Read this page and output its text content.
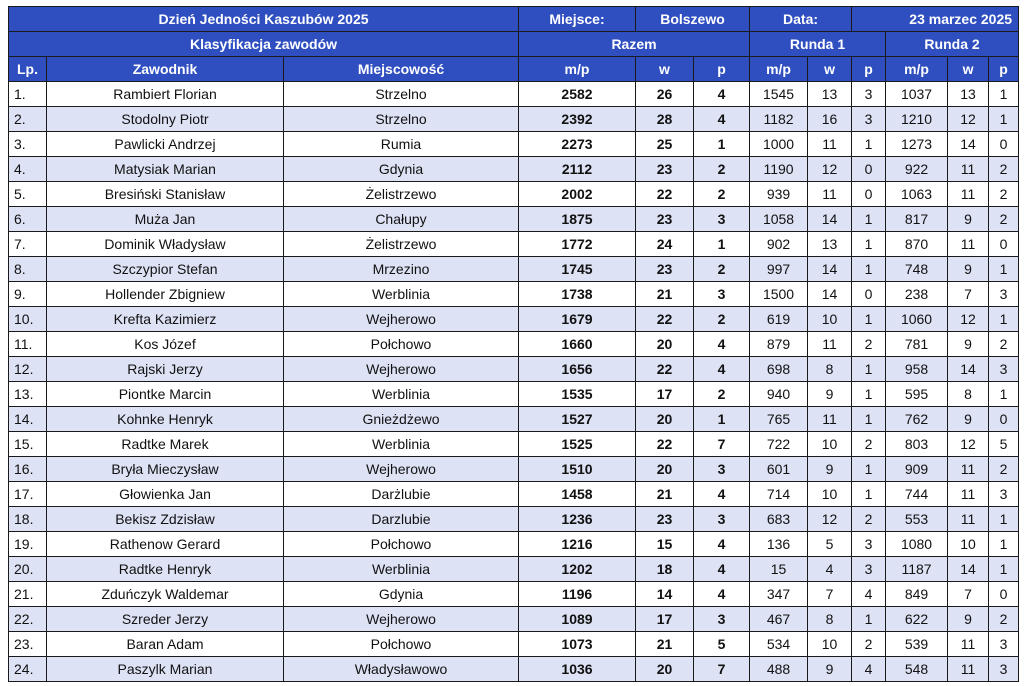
Dzień Jedności Kaszubów 2025			Miejsce:	Bolszewo		Data:		23 marzec 2025			
Klasyfikacja zawodów			Razem			Runda 1			Runda 2		
Lp.	Zawodnik	Miejscowość	m/p	w	p	m/p	w	p	m/p	w	p
1.	Rambiert Florian	Strzelno	2582	26	4	1545	13	3	1037	13	1
2.	Stodolny Piotr	Strzelno	2392	28	4	1182	16	3	1210	12	1
3.	Pawlicki Andrzej	Rumia	2273	25	1	1000	11	1	1273	14	0
4.	Matysiak Marian	Gdynia	2112	23	2	1190	12	0	922	11	2
5.	Bresiński Stanisław	Żelistrzewo	2002	22	2	939	11	0	1063	11	2
6.	Muża Jan	Chałupy	1875	23	3	1058	14	1	817	9	2
7.	Dominik Władysław	Żelistrzewo	1772	24	1	902	13	1	870	11	0
8.	Szczypior Stefan	Mrzezino	1745	23	2	997	14	1	748	9	1
9.	Hollender Zbigniew	Werblinia	1738	21	3	1500	14	0	238	7	3
10.	Krefta Kazimierz	Wejherowo	1679	22	2	619	10	1	1060	12	1
11.	Kos Józef	Połchowo	1660	20	4	879	11	2	781	9	2
12.	Rajski Jerzy	Wejherowo	1656	22	4	698	8	1	958	14	3
13.	Piontke Marcin	Werblinia	1535	17	2	940	9	1	595	8	1
14.	Kohnke Henryk	Gnieżdżewo	1527	20	1	765	11	1	762	9	0
15.	Radtke Marek	Werblinia	1525	22	7	722	10	2	803	12	5
16.	Bryła Mieczysław	Wejherowo	1510	20	3	601	9	1	909	11	2
17.	Głowienka Jan	Darżlubie	1458	21	4	714	10	1	744	11	3
18.	Bekisz Zdzisław	Darzlubie	1236	23	3	683	12	2	553	11	1
19.	Rathenow Gerard	Połchowo	1216	15	4	136	5	3	1080	10	1
20.	Radtke Henryk	Werblinia	1202	18	4	15	4	3	1187	14	1
21.	Zduńczyk Waldemar	Gdynia	1196	14	4	347	7	4	849	7	0
22.	Szreder Jerzy	Wejherowo	1089	17	3	467	8	1	622	9	2
23.	Baran Adam	Połchowo	1073	21	5	534	10	2	539	11	3
24.	Paszylk Marian	Władysławowo	1036	20	7	488	9	4	548	11	3
